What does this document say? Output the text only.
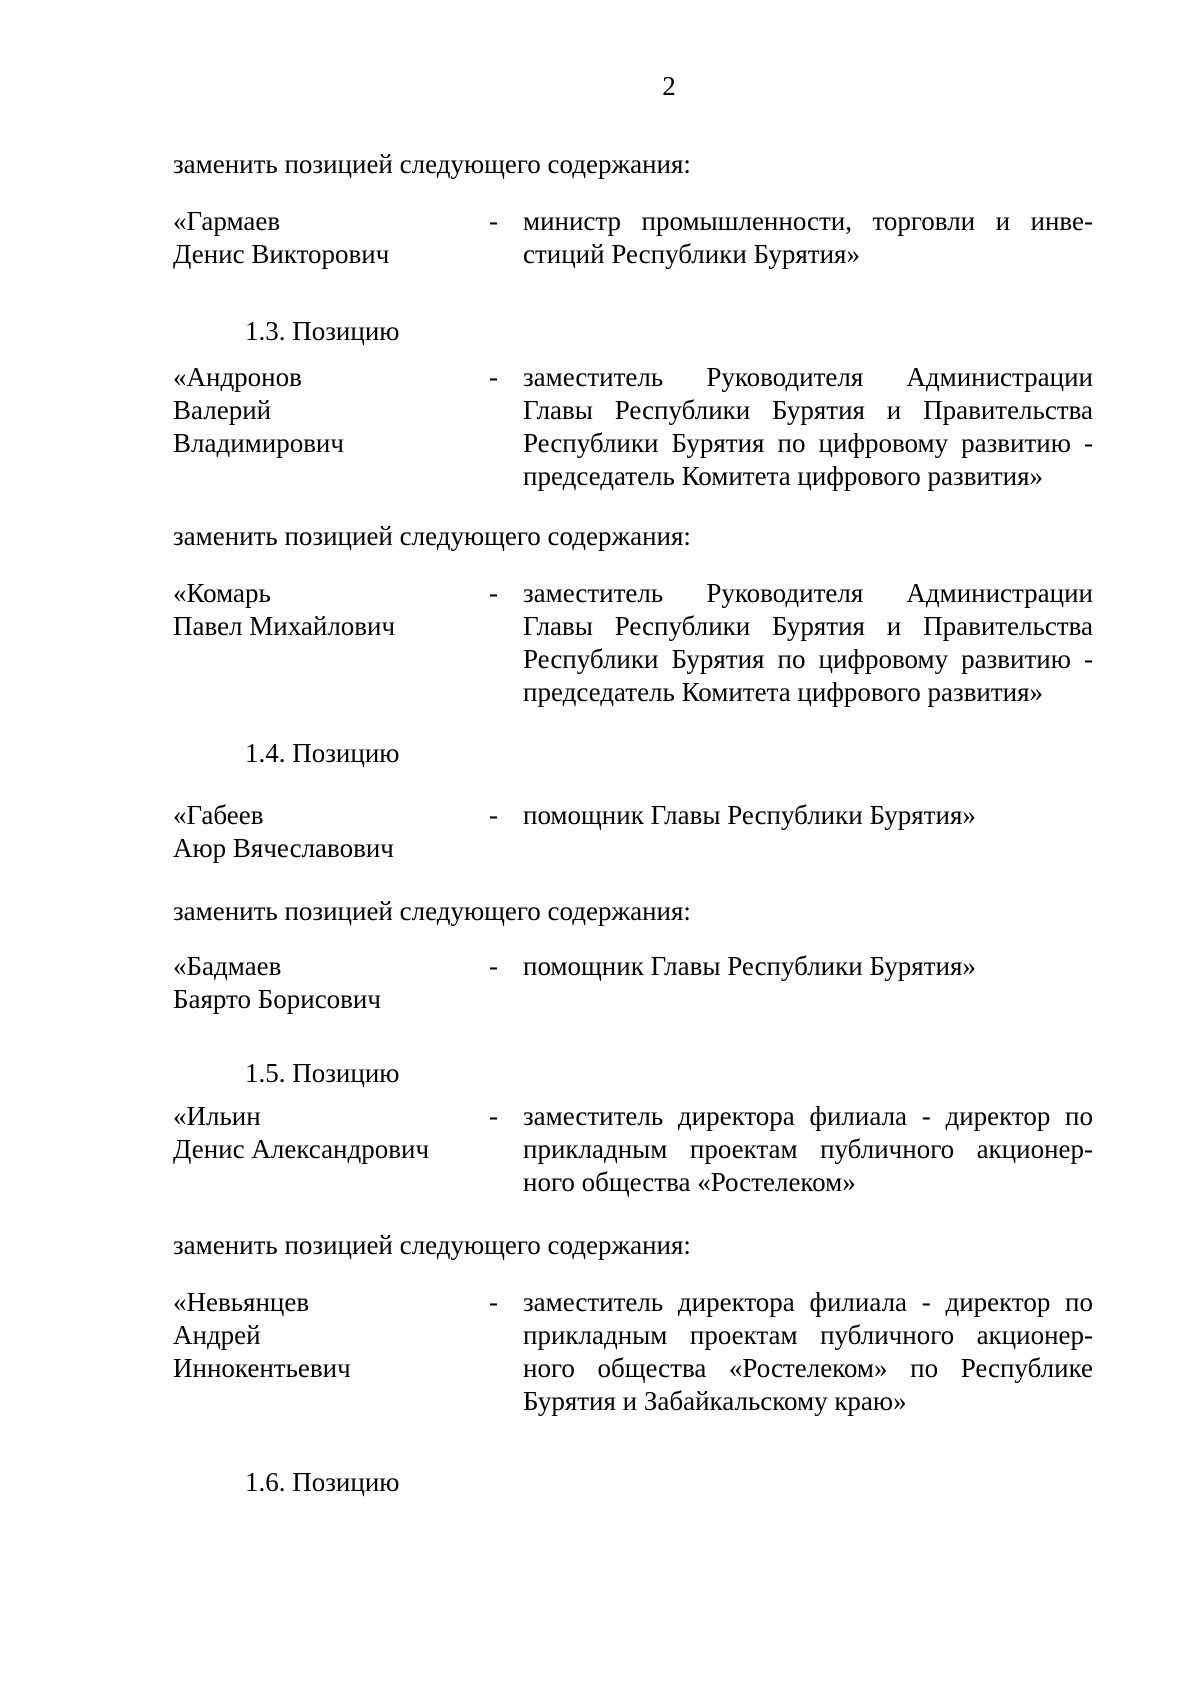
2
заменить позицией следующего содержания:
«Гармаев
Денис Викторович
- министр промышленности, торговли и инве-
стиций Республики Бурятия»
1.3. Позицию
«Андронов
Валерий
Владимирович
- заместитель Руководителя Администрации
Главы Республики Бурятия и Правительства
Республики Бурятия по цифровому развитию -
председатель Комитета цифрового развития»
заменить позицией следующего содержания:
«Комарь
Павел Михайлович
- заместитель Руководителя Администрации
Главы Республики Бурятия и Правительства
Республики Бурятия по цифровому развитию -
председатель Комитета цифрового развития»
1.4. Позицию
«Габеев
Аюр Вячеславович
- помощник Главы Республики Бурятия»
заменить позицией следующего содержания:
«Бадмаев
Баярто Борисович
- помощник Главы Республики Бурятия»
1.5. Позицию
«Ильин
Денис Александрович
- заместитель директора филиала - директор по
прикладным проектам публичного акционер-
ного общества «Ростелеком»
заменить позицией следующего содержания:
«Невьянцев
Андрей
Иннокентьевич
- заместитель директора филиала - директор по
прикладным проектам публичного акционер-
ного общества «Ростелеком» по Республике
Бурятия и Забайкальскому краю»
1.6. Позицию
